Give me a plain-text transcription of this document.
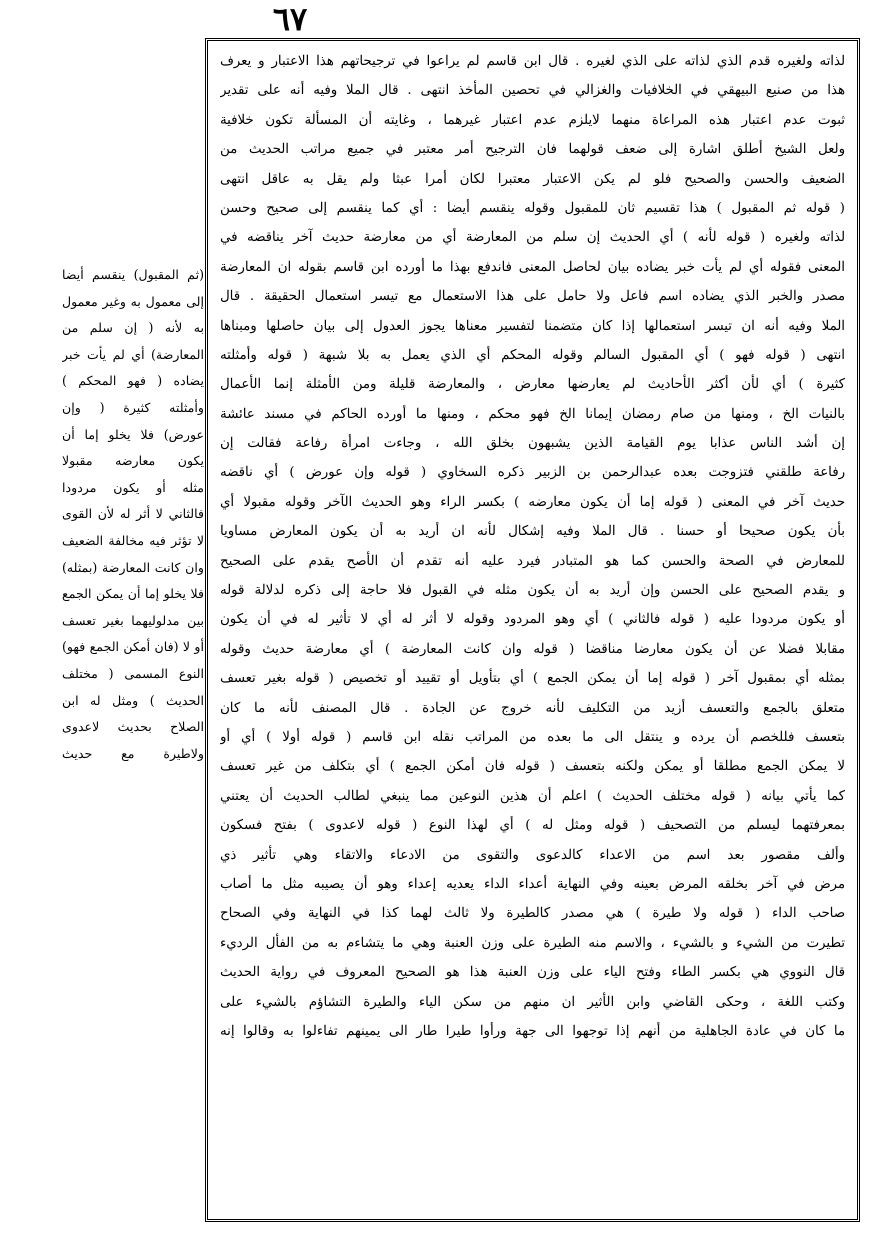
٦٧
لذاته ولغيره قدم الذي لذاته على الذي لغيره . قال ابن قاسم لم يراعوا في ترجيحاتهم هذا الاعتبار و يعرف
هذا من صنيع البيهقي في الخلافيات والغزالي في تحصين المأخذ انتهى . قال الملا وفيه أنه على تقدير
ثبوت عدم اعتبار هذه المراعاة منهما لايلزم عدم اعتبار غيرهما ، وغايته أن المسألة تكون خلافية
ولعل الشيخ أطلق اشارة إلى ضعف قولهما فان الترجيح أمر معتبر في جميع مراتب الحديث من
الضعيف والحسن والصحيح فلو لم يكن الاعتبار معتبرا لكان أمرا عبثا ولم يقل به عاقل انتهى
( قوله ثم المقبول ) هذا تقسيم ثان للمقبول وقوله ينقسم أيضا : أي كما ينقسم إلى صحيح وحسن
لذاته ولغيره ( قوله لأنه ) أي الحديث إن سلم من المعارضة أي من معارضة حديث آخر يناقضه في
المعنى فقوله أي لم يأت خبر يضاده بيان لحاصل المعنى فاندفع بهذا ما أورده ابن قاسم بقوله ان المعارضة
مصدر والخبر الذي يضاده اسم فاعل ولا حامل على هذا الاستعمال مع تيسر استعمال الحقيقة . قال
الملا وفيه أنه ان تيسر استعمالها إذا كان متضمنا لتفسير معناها يجوز العدول إلى بيان حاصلها ومبناها
انتهى ( قوله فهو ) أي المقبول السالم وقوله المحكم أي الذي يعمل به بلا شبهة ( قوله وأمثلته
كثيرة ) أي لأن أكثر الأحاديث لم يعارضها معارض ، والمعارضة قليلة ومن الأمثلة إنما الأعمال
بالنيات الخ ، ومنها من صام رمضان إيمانا الخ فهو محكم ، ومنها ما أورده الحاكم في مسند عائشة
إن أشد الناس عذابا يوم القيامة الذين يشبهون بخلق الله ، وجاءت امرأة رفاعة فقالت إن
رفاعة طلقني فتزوجت بعده عبدالرحمن بن الزبير ذكره السخاوي ( قوله وإن عورض ) أي ناقضه
حديث آخر في المعنى ( قوله إما أن يكون معارضه ) بكسر الراء وهو الحديث الآخر وقوله مقبولا أي
بأن يكون صحيحا أو حسنا . قال الملا وفيه إشكال لأنه ان أريد به أن يكون المعارض مساويا
للمعارض في الصحة والحسن كما هو المتبادر فيرد عليه أنه تقدم أن الأصح يقدم على الصحيح
و يقدم الصحيح على الحسن وإن أريد به أن يكون مثله في القبول فلا حاجة إلى ذكره لدلالة قوله
أو يكون مردودا عليه ( قوله فالثاني ) أي وهو المردود وقوله لا أثر له أي لا تأثير له في أن يكون
مقابلا فضلا عن أن يكون معارضا مناقضا ( قوله وان كانت المعارضة ) أي معارضة حديث وقوله
بمثله أي بمقبول آخر ( قوله إما أن يمكن الجمع ) أي بتأويل أو تقييد أو تخصيص ( قوله بغير تعسف
متعلق بالجمع والتعسف أزيد من التكليف لأنه خروج عن الجادة . قال المصنف لأنه ما كان
بتعسف فللخصم أن يرده و ينتقل الى ما بعده من المراتب نقله ابن قاسم ( قوله أولا ) أي أو
لا يمكن الجمع مطلقا أو يمكن ولكنه بتعسف ( قوله فان أمكن الجمع ) أي بتكلف من غير تعسف
كما يأتي بيانه ( قوله مختلف الحديث ) اعلم أن هذين النوعين مما ينبغي لطالب الحديث أن يعتني
بمعرفتهما ليسلم من التصحيف ( قوله ومثل له ) أي لهذا النوع ( قوله لاعدوى ) بفتح فسكون
وألف مقصور بعد اسم من الاعداء كالدعوى والتقوى من الادعاء والاتقاء وهي تأثير ذي
مرض في آخر بخلقه المرض بعينه وفي النهاية أعداء الداء يعديه إعداء وهو أن يصيبه مثل ما أصاب
صاحب الداء ( قوله ولا طيرة ) هي مصدر كالطيرة ولا ثالث لهما كذا في النهاية وفي الصحاح
تطيرت من الشيء و بالشيء ، والاسم منه الطيرة على وزن العنبة وهي ما يتشاءم به من الفأل الرديء
قال النووي هي بكسر الطاء وفتح الياء على وزن العنبة هذا هو الصحيح المعروف في رواية الحديث
وكتب اللغة ، وحكى القاضي وابن الأثير ان منهم من سكن الياء والطيرة التشاؤم بالشيء على
ما كان في عادة الجاهلية من أنهم إذا توجهوا الى جهة ورأوا طيرا طار الى يمينهم تفاءلوا به وقالوا إنه
(ثم المقبول) ينقسم أيضا
إلى معمول به وغير معمول
به لأنه ( إن سلم من
المعارضة) أي لم يأت خبر
يضاده ( فهو المحكم )
وأمثلته كثيرة ( وإن
عورض) فلا يخلو إما أن
يكون معارضه مقبولا
مثله أو يكون مردودا
فالثاني لا أثر له لأن القوى
لا تؤثر فيه مخالفة الضعيف
وان كانت المعارضة (بمثله)
فلا يخلو إما أن يمكن الجمع
بين مدلوليهما بغير تعسف
أو لا (فان أمكن الجمع فهو)
النوع المسمى ( مختلف
الحديث ) ومثل له ابن
الصلاح بحديث لاعدوى
ولاطيرة مع حديث
